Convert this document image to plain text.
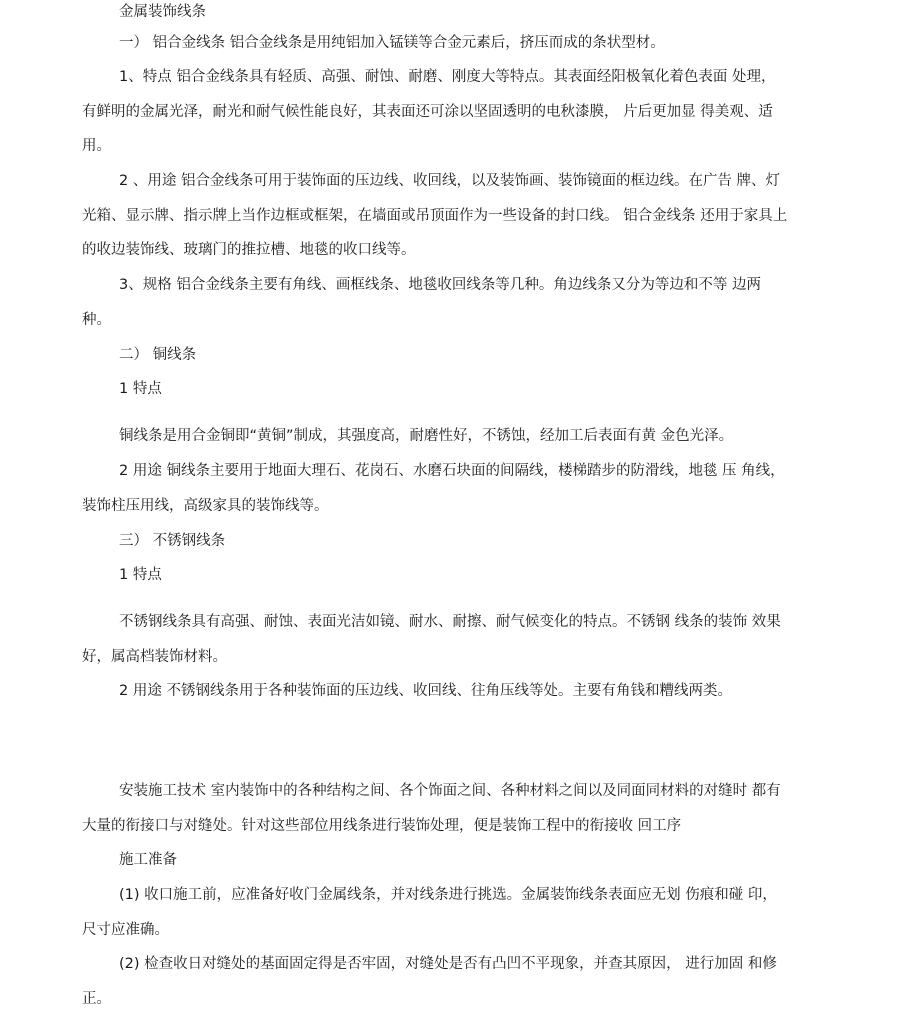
金属装饰线条
一） 铝合金线条 铝合金线条是用纯铝加入锰镁等合金元素后，挤压而成的条状型材。
1、特点 铝合金线条具有轻质、高强、耐蚀、耐磨、刚度大等特点。其表面经阳极氧化着色表面 处理，
有鲜明的金属光泽，耐光和耐气候性能良好，其表面还可涂以坚固透明的电秋漆膜， 片后更加显 得美观、适
用。
2 、用途 铝合金线条可用于装饰面的压边线、收回线，以及装饰画、装饰镜面的框边线。在广告 牌、灯
光箱、显示牌、指示牌上当作边框或框架，在墙面或吊顶面作为一些设备的封口线。 铝合金线条 还用于家具上
的收边装饰线、玻璃门的推拉槽、地毯的收口线等。
3、规格 铝合金线条主要有角线、画框线条、地毯收回线条等几种。角边线条又分为等边和不等 边两
种。
二） 铜线条
1 特点
铜线条是用合金铜即“黄铜”制成，其强度高，耐磨性好，不锈蚀，经加工后表面有黄 金色光泽。
2 用途 铜线条主要用于地面大理石、花岗石、水磨石块面的间隔线，楼梯踏步的防滑线，地毯 压 角线，
装饰柱压用线，高级家具的装饰线等。
三） 不锈钢线条
1 特点
不锈钢线条具有高强、耐蚀、表面光洁如镜、耐水、耐擦、耐气候变化的特点。不锈钢 线条的装饰 效果
好，属高档装饰材料。
2 用途 不锈钢线条用于各种装饰面的压边线、收回线、往角压线等处。主要有角钱和糟线两类。
安装施工技术 室内装饰中的各种结构之间、各个饰面之间、各种材料之间以及同面同材料的对缝时 都有
大量的衔接口与对缝处。针对这些部位用线条进行装饰处理，便是装饰工程中的衔接收 回工序
施工准备
(1) 收口施工前，应准备好收门金属线条，并对线条进行挑选。金属装饰线条表面应无划 伤痕和碰 印，
尺寸应准确。
(2) 检查收日对缝处的基面固定得是否牢固，对缝处是否有凸凹不平现象，并查其原因， 进行加固 和修
正。
